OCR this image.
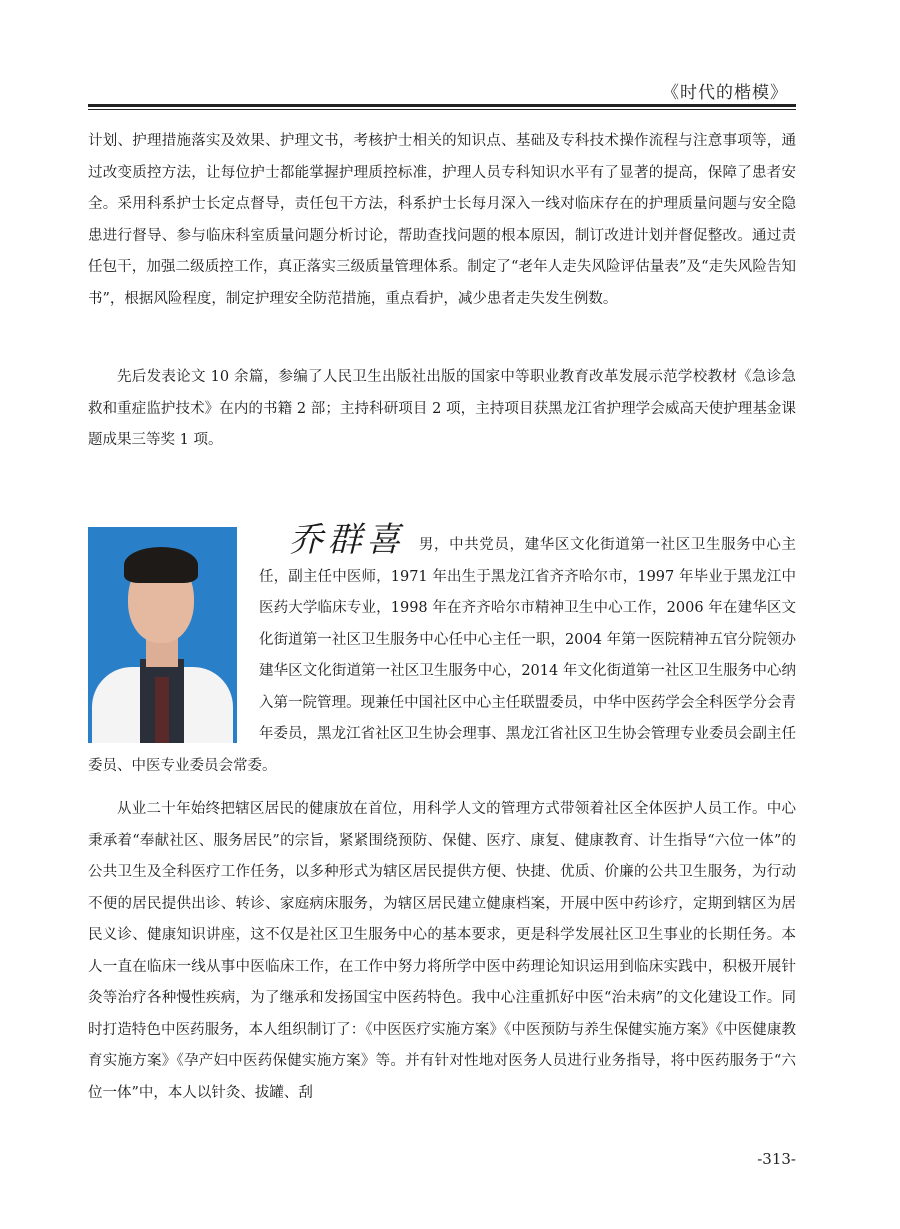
《时代的楷模》

计划、护理措施落实及效果、护理文书，考核护士相关的知识点、基础及专科技术操作流程与注意事项等，通过改变质控方法，让每位护士都能掌握护理质控标准，护理人员专科知识水平有了显著的提高，保障了患者安全。采用科系护士长定点督导，责任包干方法，科系护士长每月深入一线对临床存在的护理质量问题与安全隐患进行督导、参与临床科室质量问题分析讨论，帮助查找问题的根本原因，制订改进计划并督促整改。通过责任包干，加强二级质控工作，真正落实三级质量管理体系。制定了“老年人走失风险评估量表”及“走失风险告知书”，根据风险程度，制定护理安全防范措施，重点看护，减少患者走失发生例数。

先后发表论文 10 余篇，参编了人民卫生出版社出版的国家中等职业教育改革发展示范学校教材《急诊急救和重症监护技术》在内的书籍 2 部；主持科研项目 2 项，主持项目获黑龙江省护理学会威高天使护理基金课题成果三等奖 1 项。

乔群喜 男，中共党员，建华区文化街道第一社区卫生服务中心主任，副主任中医师，1971 年出生于黑龙江省齐齐哈尔市，1997 年毕业于黑龙江中医药大学临床专业，1998 年在齐齐哈尔市精神卫生中心工作，2006 年在建华区文化街道第一社区卫生服务中心任中心主任一职，2004 年第一医院精神五官分院领办建华区文化街道第一社区卫生服务中心，2014 年文化街道第一社区卫生服务中心纳入第一院管理。现兼任中国社区中心主任联盟委员，中华中医药学会全科医学分会青年委员，黑龙江省社区卫生协会理事、黑龙江省社区卫生协会管理专业委员会副主任委员、中医专业委员会常委。

从业二十年始终把辖区居民的健康放在首位，用科学人文的管理方式带领着社区全体医护人员工作。中心秉承着“奉献社区、服务居民”的宗旨，紧紧围绕预防、保健、医疗、康复、健康教育、计生指导“六位一体”的公共卫生及全科医疗工作任务，以多种形式为辖区居民提供方便、快捷、优质、价廉的公共卫生服务，为行动不便的居民提供出诊、转诊、家庭病床服务，为辖区居民建立健康档案，开展中医中药诊疗，定期到辖区为居民义诊、健康知识讲座，这不仅是社区卫生服务中心的基本要求，更是科学发展社区卫生事业的长期任务。本人一直在临床一线从事中医临床工作，在工作中努力将所学中医中药理论知识运用到临床实践中，积极开展针灸等治疗各种慢性疾病，为了继承和发扬国宝中医药特色。我中心注重抓好中医“治未病”的文化建设工作。同时打造特色中医药服务，本人组织制订了：《中医医疗实施方案》《中医预防与养生保健实施方案》《中医健康教育实施方案》《孕产妇中医药保健实施方案》等。并有针对性地对医务人员进行业务指导，将中医药服务于“六位一体”中，本人以针灸、拔罐、刮

-313-
